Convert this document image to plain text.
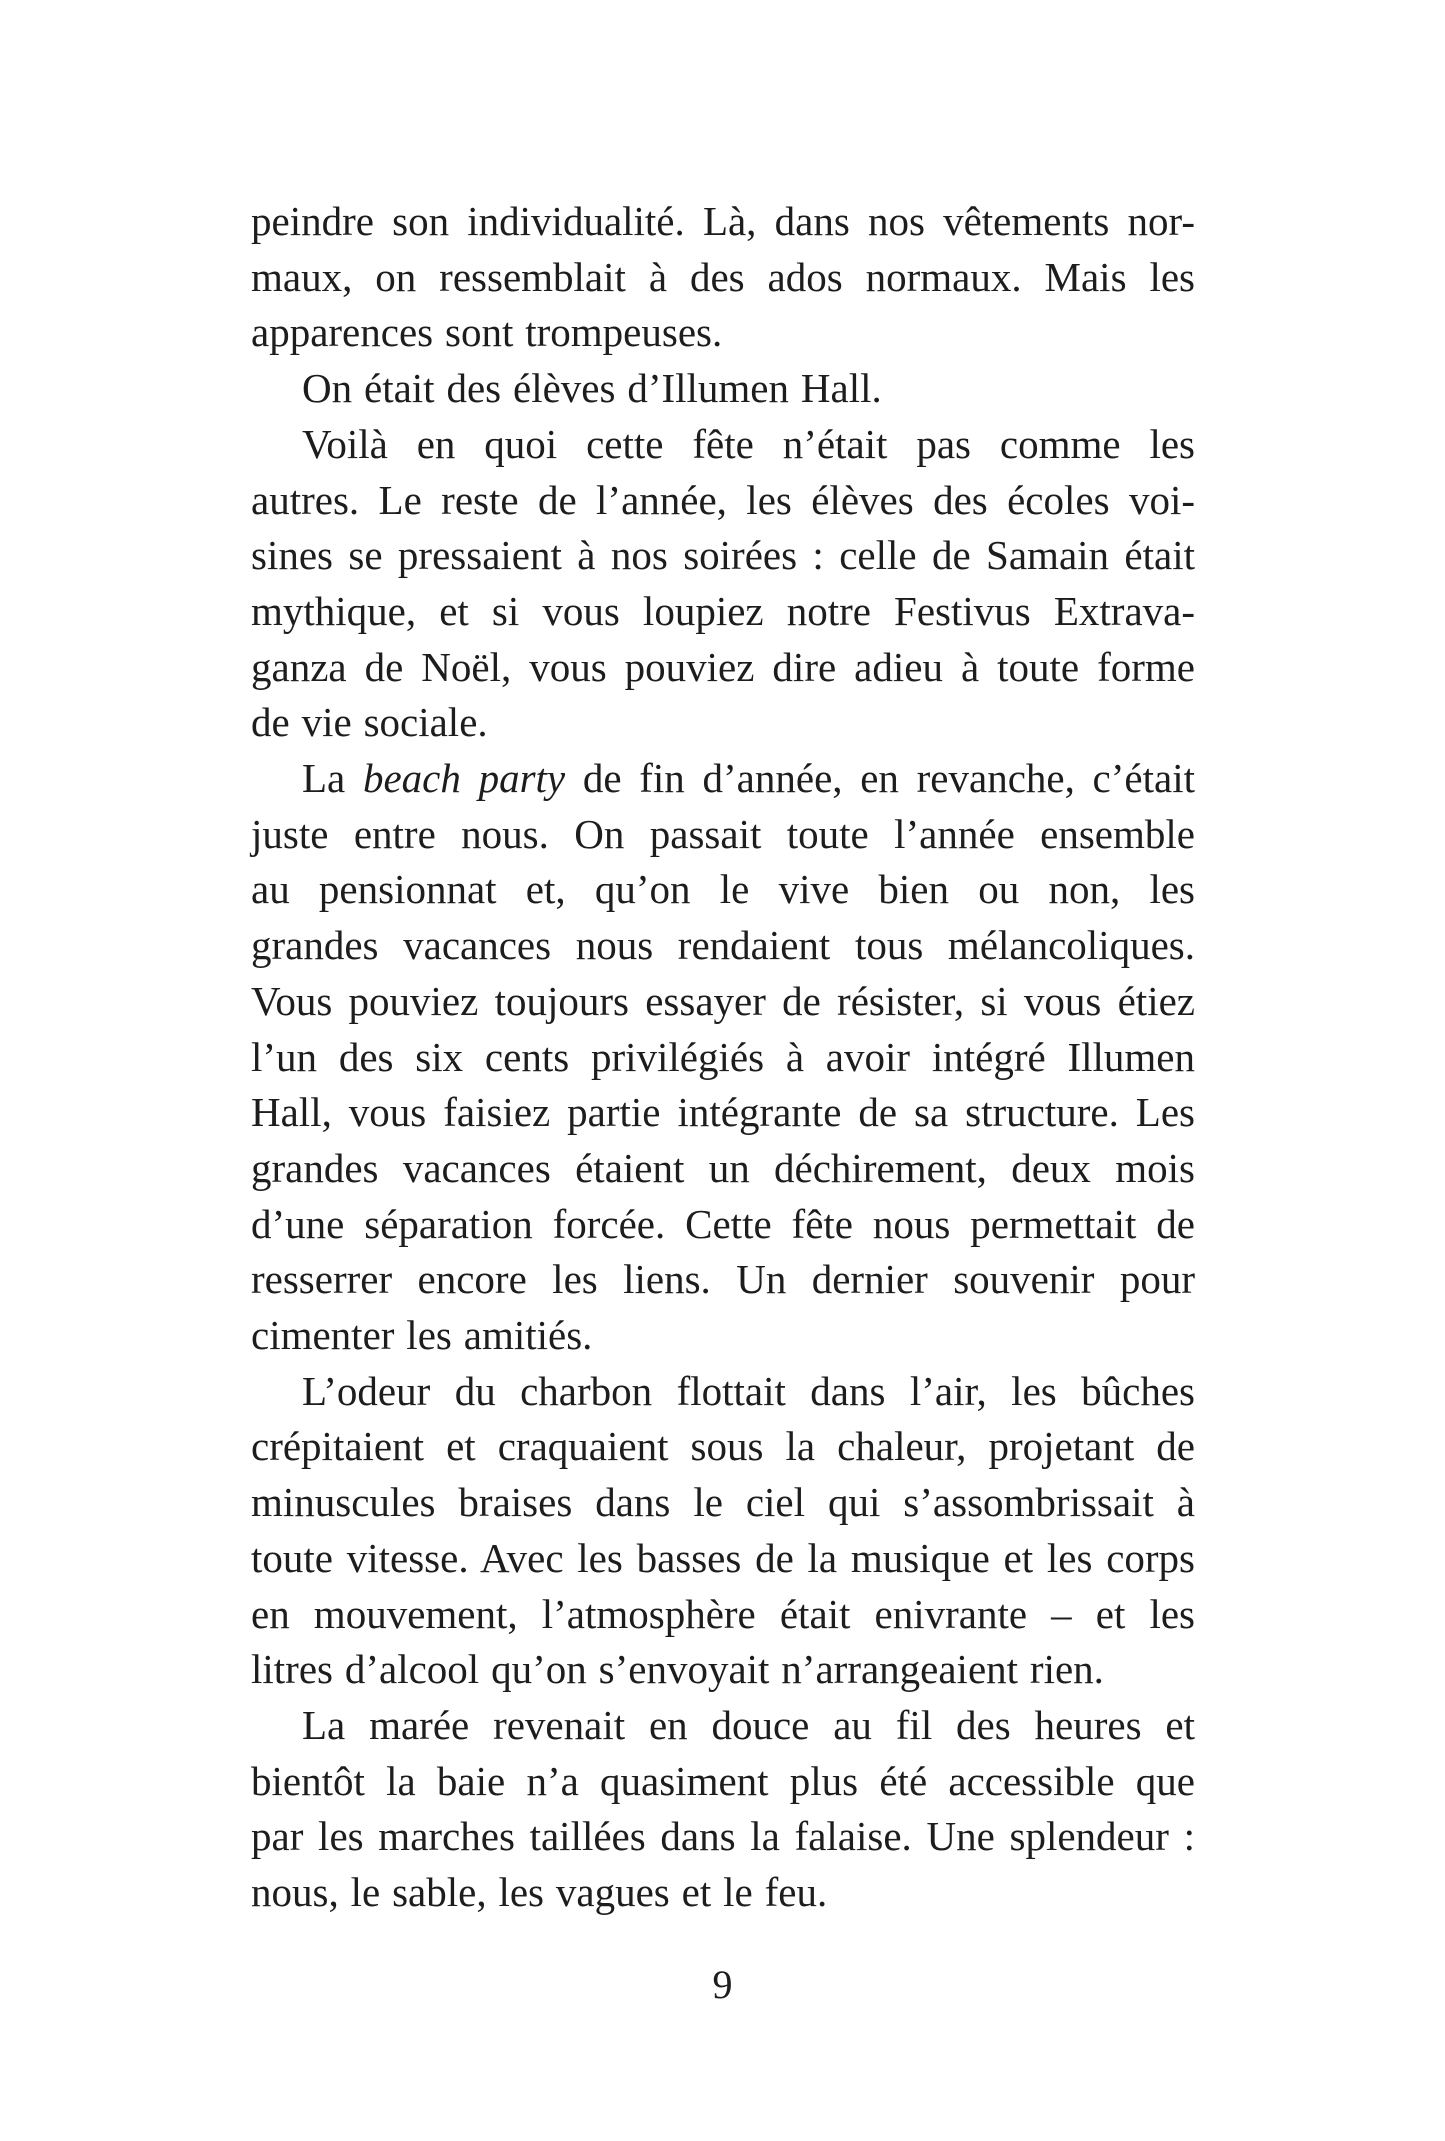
peindre son individualité. Là, dans nos vêtements nor-
maux, on ressemblait à des ados normaux. Mais les
apparences sont trompeuses.
On était des élèves d’Illumen Hall.
Voilà en quoi cette fête n’était pas comme les
autres. Le reste de l’année, les élèves des écoles voi-
sines se pressaient à nos soirées : celle de Samain était
mythique, et si vous loupiez notre Festivus Extrava-
ganza de Noël, vous pouviez dire adieu à toute forme
de vie sociale.
La beach party de fin d’année, en revanche, c’était
juste entre nous. On passait toute l’année ensemble
au pensionnat et, qu’on le vive bien ou non, les
grandes vacances nous rendaient tous mélancoliques.
Vous pouviez toujours essayer de résister, si vous étiez
l’un des six cents privilégiés à avoir intégré Illumen
Hall, vous faisiez partie intégrante de sa structure. Les
grandes vacances étaient un déchirement, deux mois
d’une séparation forcée. Cette fête nous permettait de
resserrer encore les liens. Un dernier souvenir pour
cimenter les amitiés.
L’odeur du charbon flottait dans l’air, les bûches
crépitaient et craquaient sous la chaleur, projetant de
minuscules braises dans le ciel qui s’assombrissait à
toute vitesse. Avec les basses de la musique et les corps
en mouvement, l’atmosphère était enivrante – et les
litres d’alcool qu’on s’envoyait n’arrangeaient rien.
La marée revenait en douce au fil des heures et
bientôt la baie n’a quasiment plus été accessible que
par les marches taillées dans la falaise. Une splendeur :
nous, le sable, les vagues et le feu.
9
